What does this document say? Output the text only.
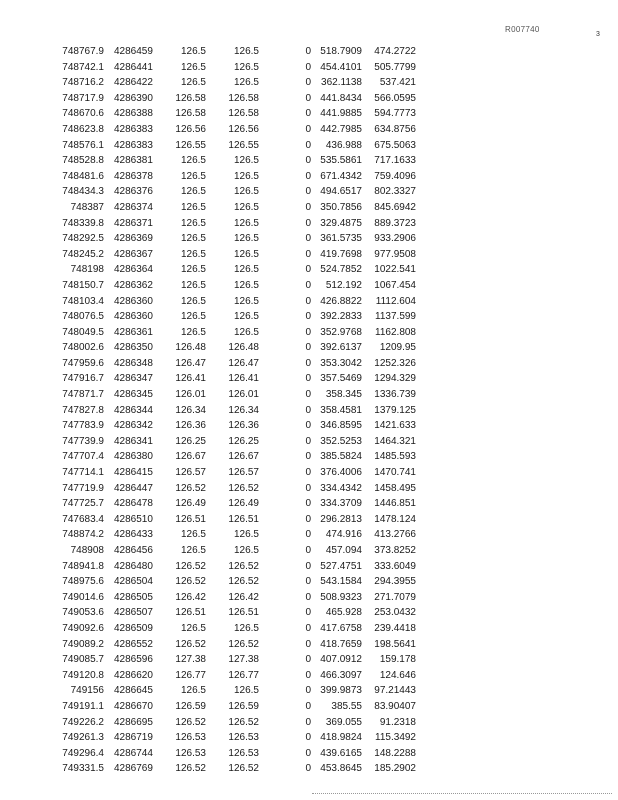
R007740
3
748767.9 4286459	126.5	126.5	0 518.7909 474.2722
748742.1 4286441	126.5	126.5	0 454.4101 505.7799
748716.2 4286422	126.5	126.5	0 362.1138 537.421
748717.9 4286390 126.58 126.58	0 441.8434 566.0595
748670.6 4286388 126.58 126.58	0 441.9885 594.7773
748623.8 4286383 126.56 126.56	0 442.7985 634.8756
748576.1 4286383 126.55 126.55	0 436.988 675.5063
748528.8 4286381	126.5	126.5	0 535.5861 717.1633
748481.6 4286378	126.5	126.5	0 671.4342 759.4096
748434.3 4286376	126.5	126.5	0 494.6517 802.3327
748387 4286374	126.5	126.5	0 350.7856 845.6942
748339.8 4286371	126.5	126.5	0 329.4875 889.3723
748292.5 4286369	126.5	126.5	0 361.5735 933.2906
748245.2 4286367	126.5	126.5	0 419.7698 977.9508
748198 4286364	126.5	126.5	0 524.7852 1022.541
748150.7 4286362	126.5	126.5	0 512.192 1067.454
748103.4 4286360	126.5	126.5	0 426.8822 1112.604
748076.5 4286360	126.5	126.5	0 392.2833 1137.599
748049.5 4286361	126.5	126.5	0 352.9768 1162.808
748002.6 4286350 126.48 126.48	0 392.6137 1209.95
747959.6 4286348 126.47 126.47	0 353.3042 1252.326
747916.7 4286347 126.41 126.41	0 357.5469 1294.329
747871.7 4286345 126.01 126.01	0 358.345 1336.739
747827.8 4286344 126.34 126.34	0 358.4581 1379.125
747783.9 4286342 126.36 126.36	0 346.8595 1421.633
747739.9 4286341 126.25 126.25	0 352.5253 1464.321
747707.4 4286380 126.67 126.67	0 385.5824 1485.593
747714.1 4286415 126.57 126.57	0 376.4006 1470.741
747719.9 4286447 126.52 126.52	0 334.4342 1458.495
747725.7 4286478 126.49 126.49	0 334.3709 1446.851
747683.4 4286510 126.51 126.51	0 296.2813 1478.124
748874.2 4286433	126.5	126.5	0 474.916 413.2766
748908 4286456	126.5	126.5	0 457.094 373.8252
748941.8 4286480 126.52 126.52	0 527.4751 333.6049
748975.6 4286504 126.52 126.52	0 543.1584 294.3955
749014.6 4286505 126.42 126.42	0 508.9323 271.7079
749053.6 4286507 126.51 126.51	0 465.928 253.0432
749092.6 4286509	126.5	126.5	0 417.6758 239.4418
749089.2 4286552 126.52 126.52	0 418.7659 198.5641
749085.7 4286596 127.38 127.38	0 407.0912 159.178
749120.8 4286620 126.77 126.77	0 466.3097 124.646
749156 4286645	126.5	126.5	0 399.9873 97.21443
749191.1 4286670 126.59 126.59	0 385.55 83.90407
749226.2 4286695 126.52 126.52	0 369.055 91.2318
749261.3 4286719 126.53 126.53	0 418.9824 115.3492
749296.4 4286744 126.53 126.53	0 439.6165 148.2288
749331.5 4286769 126.52 126.52	0 453.8645 185.2902
